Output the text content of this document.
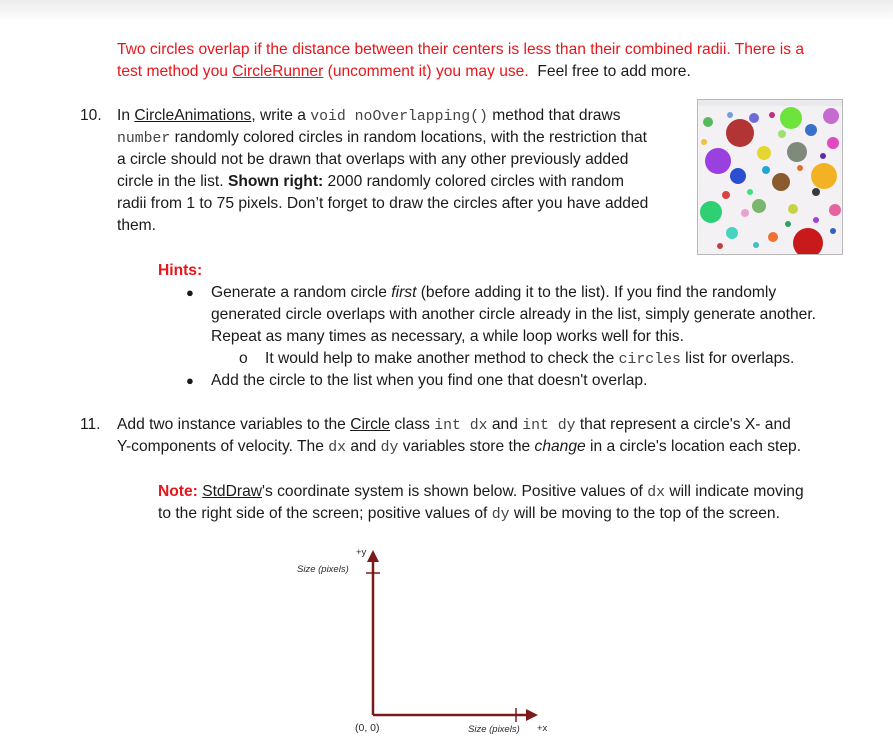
Two circles overlap if the distance between their centers is less than their combined radii. There is a
test method you CircleRunner (uncomment it) you may use. Feel free to add more.
10. In CircleAnimations, write a void noOverlapping() method that draws
number randomly colored circles in random locations, with the restriction that
a circle should not be drawn that overlaps with any other previously added
circle in the list. Shown right: 2000 randomly colored circles with random
radii from 1 to 75 pixels. Don’t forget to draw the circles after you have added
them.
Hints:
● Generate a random circle first (before adding it to the list). If you find the randomly
generated circle overlaps with another circle already in the list, simply generate another.
Repeat as many times as necessary, a while loop works well for this.
o It would help to make another method to check the circles list for overlaps.
● Add the circle to the list when you find one that doesn't overlap.
11. Add two instance variables to the Circle class int dx and int dy that represent a circle's X- and
Y-components of velocity. The dx and dy variables store the change in a circle's location each step.
Note: StdDraw's coordinate system is shown below. Positive values of dx will indicate moving
to the right side of the screen; positive values of dy will be moving to the top of the screen.
+y
Size (pixels)
(0, 0)	Size (pixels) +x
